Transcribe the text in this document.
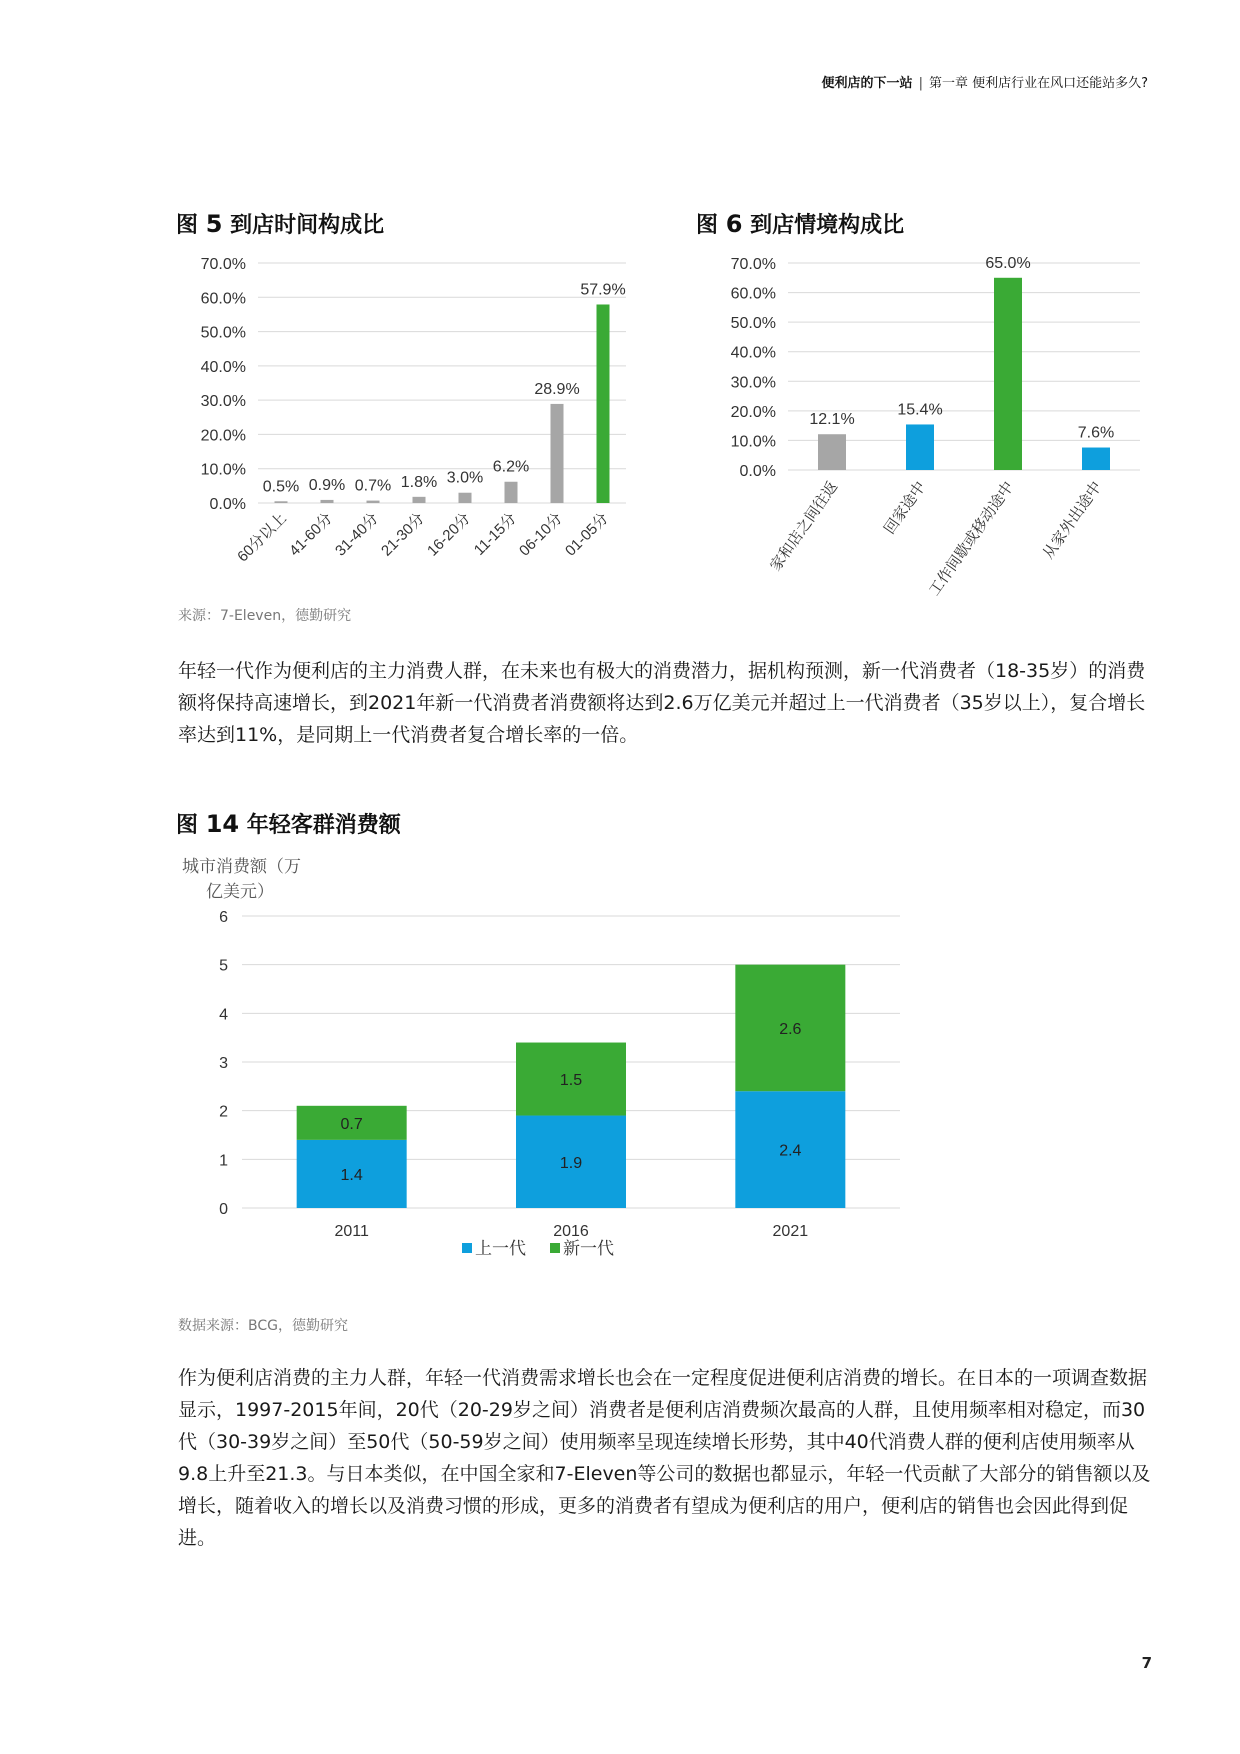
便利店的下一站 | 第一章 便利店行业在风口还能站多久?
图 5 到店时间构成比
0.0%
10.0%
20.0%
30.0%
40.0%
50.0%
60.0%
70.0%
0.5%
60分以上
0.9%
41-60分
0.7%
31-40分
1.8%
21-30分
3.0%
16-20分
6.2%
11-15分
28.9%
06-10分
57.9%
01-05分
图 6 到店情境构成比
0.0%
10.0%
20.0%
30.0%
40.0%
50.0%
60.0%
70.0%
12.1%
家和店之间往返
15.4%
回家途中
65.0%
工作间歇或移动途中
7.6%
从家外出途中
来源：7-Eleven，德勤研究
年轻一代作为便利店的主力消费人群，在未来也有极大的消费潜力，据机构预测，新一代消费者（18-35岁）的消费额将保持高速增长，到2021年新一代消费者消费额将达到2.6万亿美元并超过上一代消费者（35岁以上），复合增长率达到11%，是同期上一代消费者复合增长率的一倍。
图 14 年轻客群消费额
城市消费额（万
亿美元）
0
1
2
3
4
5
6
1.4
0.7
2011
1.9
1.5
2016
2.4
2.6
2021
上一代 新一代
数据来源：BCG，德勤研究
作为便利店消费的主力人群，年轻一代消费需求增长也会在一定程度促进便利店消费的增长。在日本的一项调查数据显示，1997-2015年间，20代（20-29岁之间）消费者是便利店消费频次最高的人群，且使用频率相对稳定，而30代（30-39岁之间）至50代（50-59岁之间）使用频率呈现连续增长形势，其中40代消费人群的便利店使用频率从9.8上升至21.3。与日本类似，在中国全家和7-Eleven等公司的数据也都显示，年轻一代贡献了大部分的销售额以及增长，随着收入的增长以及消费习惯的形成，更多的消费者有望成为便利店的用户，便利店的销售也会因此得到促进。
7
